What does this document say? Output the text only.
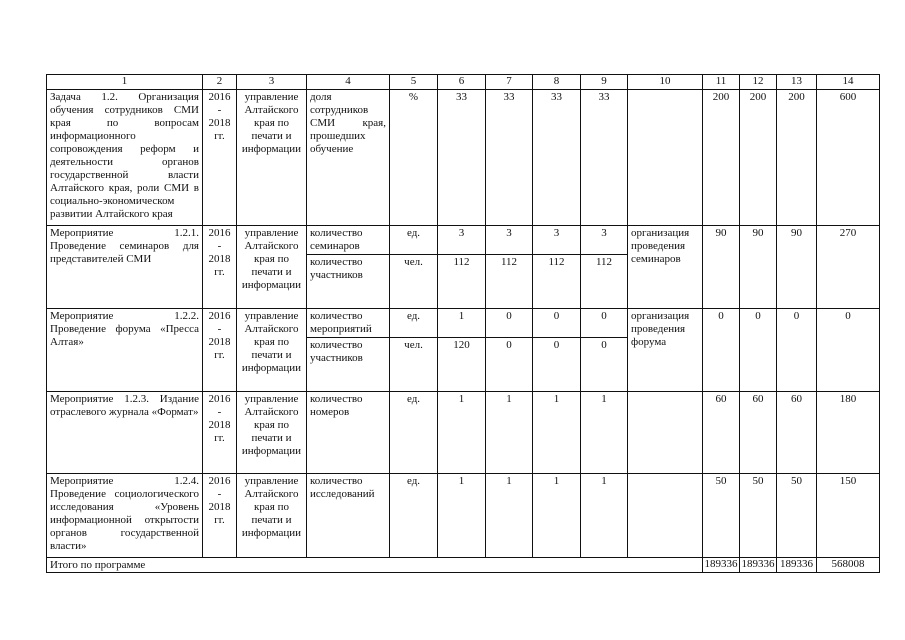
1	2	3	4	5	6	7	8	9	10	11	12	13	14
Задача 1.2. Организация обучения сотрудников СМИ края по вопросам информационного сопровождения реформ и деятельности органов государственной власти Алтайского края, роли СМИ в социально-экономическом развитии Алтайского края	2016 - 2018 гг.	управление Алтайского края по печати и информации	доля сотрудников СМИ края, прошедших обучение	%	33	33	33	33		200	200	200	600
Мероприятие 1.2.1. Проведение семинаров для представителей СМИ	2016 - 2018 гг.	управление Алтайского края по печати и информации	количество семинаров	ед.	3	3	3	3	организация проведения семинаров	90	90	90	270
			количество участников	чел.	112	112	112	112					
Мероприятие 1.2.2. Проведение форума «Пресса Алтая»	2016 - 2018 гг.	управление Алтайского края по печати и информации	количество мероприятий	ед.	1	0	0	0	организация проведения форума	0	0	0	0
			количество участников	чел.	120	0	0	0					
Мероприятие 1.2.3. Издание отраслевого журнала «Формат»	2016 - 2018 гг.	управление Алтайского края по печати и информации	количество номеров	ед.	1	1	1	1		60	60	60	180
Мероприятие 1.2.4. Проведение социологического исследования «Уровень информационной открытости органов государственной власти»	2016 - 2018 гг.	управление Алтайского края по печати и информации	количество исследований	ед.	1	1	1	1		50	50	50	150
Итого по программе										189336	189336	189336	568008
